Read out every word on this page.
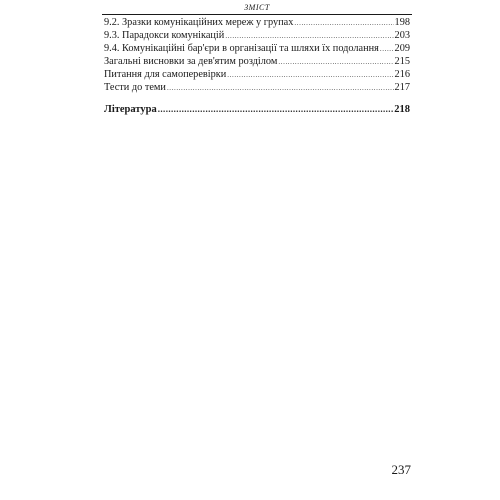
ЗМІСТ
9.2. Зразки комунікаційних мереж у групах .....	198
9.3. Парадокси комунікацій .....	203
9.4. Комунікаційні бар'єри в організації та шляхи їх подолання ..... 209
Загальні висновки за дев'ятим розділом .....	215
Питання для самоперевірки .....	216
Тести до теми .....	217
Література .....	218
237
